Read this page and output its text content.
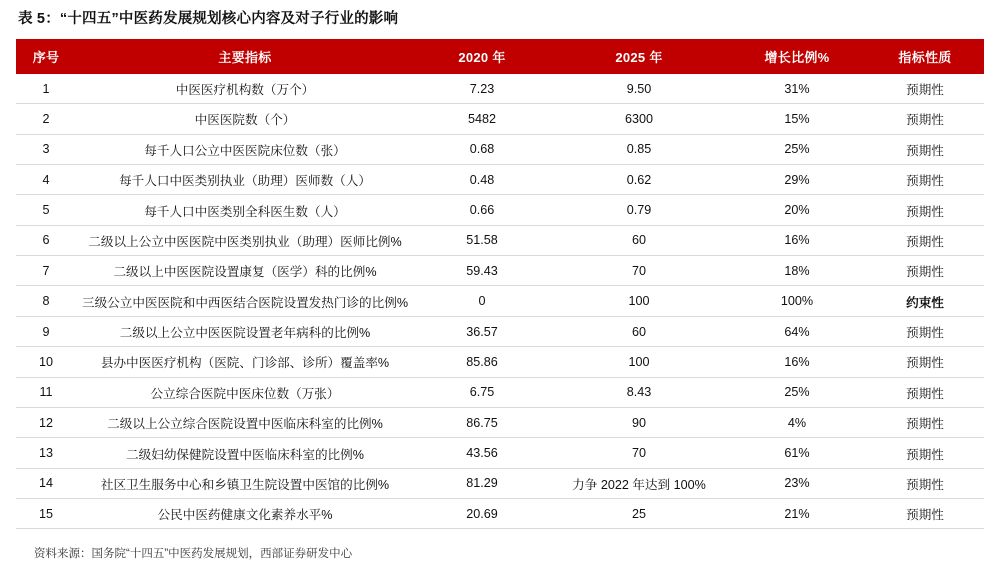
表 5：“十四五”中医药发展规划核心内容及对子行业的影响
序号	主要指标	2020 年	2025 年	增长比例%	指标性质
1	中医医疗机构数（万个）	7.23	9.50	31%	预期性
2	中医医院数（个）	5482	6300	15%	预期性
3	每千人口公立中医医院床位数（张）	0.68	0.85	25%	预期性
4	每千人口中医类别执业（助理）医师数（人）	0.48	0.62	29%	预期性
5	每千人口中医类别全科医生数（人）	0.66	0.79	20%	预期性
6	二级以上公立中医医院中医类别执业（助理）医师比例%	51.58	60	16%	预期性
7	二级以上中医医院设置康复（医学）科的比例%	59.43	70	18%	预期性
8	三级公立中医医院和中西医结合医院设置发热门诊的比例%	0	100	100%	约束性
9	二级以上公立中医医院设置老年病科的比例%	36.57	60	64%	预期性
10	县办中医医疗机构（医院、门诊部、诊所）覆盖率%	85.86	100	16%	预期性
11	公立综合医院中医床位数（万张）	6.75	8.43	25%	预期性
12	二级以上公立综合医院设置中医临床科室的比例%	86.75	90	4%	预期性
13	二级妇幼保健院设置中医临床科室的比例%	43.56	70	61%	预期性
14	社区卫生服务中心和乡镇卫生院设置中医馆的比例%	81.29	力争 2022 年达到 100%	23%	预期性
15	公民中医药健康文化素养水平%	20.69	25	21%	预期性
资料来源：国务院“十四五”中医药发展规划，西部证券研发中心
